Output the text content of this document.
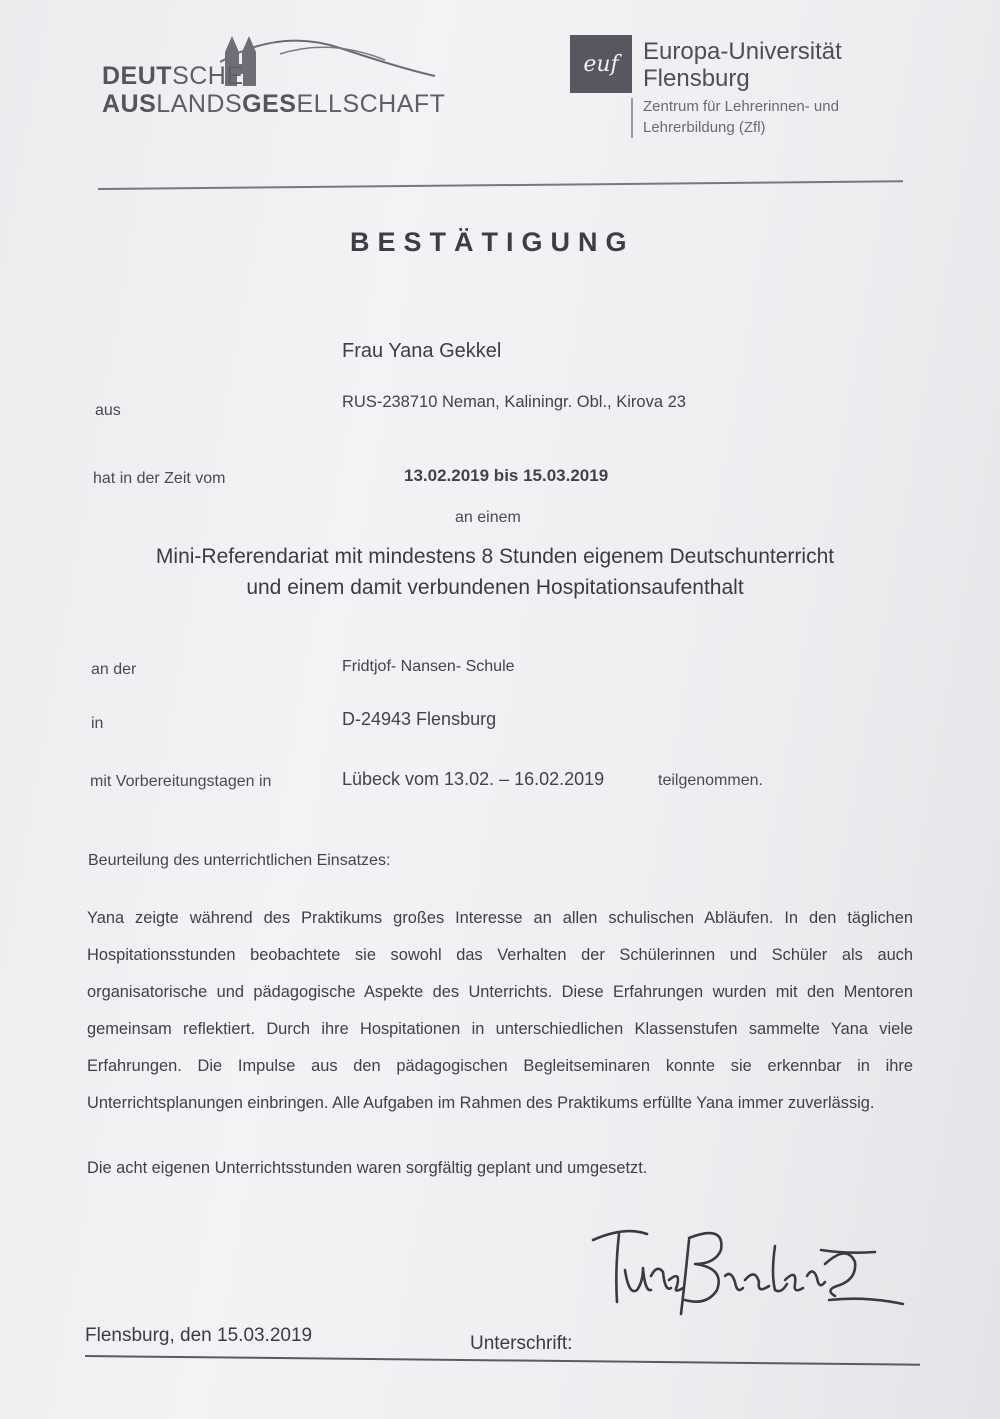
DEUTSCHE
AUSLANDSGESELLSCHAFT
euf Europa-Universität
Flensburg
Zentrum für Lehrerinnen- und
Lehrerbildung (Zfl)
BESTÄTIGUNG
Frau Yana Gekkel
aus	RUS-238710 Neman, Kaliningr. Obl., Kirova 23
hat in der Zeit vom	13.02.2019 bis 15.03.2019
an einem
Mini-Referendariat mit mindestens 8 Stunden eigenem Deutschunterricht
und einem damit verbundenen Hospitationsaufenthalt
an der	Fridtjof- Nansen- Schule
in	D-24943 Flensburg
mit Vorbereitungstagen in	Lübeck vom 13.02. – 16.02.2019	teilgenommen.
Beurteilung des unterrichtlichen Einsatzes:
Yana zeigte während des Praktikums großes Interesse an allen schulischen Abläufen. In den täglichen Hospitationsstunden beobachtete sie sowohl das Verhalten der Schülerinnen und Schüler als auch organisatorische und pädagogische Aspekte des Unterrichts. Diese Erfahrungen wurden mit den Mentoren gemeinsam reflektiert. Durch ihre Hospitationen in unterschiedlichen Klassenstufen sammelte Yana viele Erfahrungen. Die Impulse aus den pädagogischen Begleitseminaren konnte sie erkennbar in ihre Unterrichtsplanungen einbringen. Alle Aufgaben im Rahmen des Praktikums erfüllte Yana immer zuverlässig.
Die acht eigenen Unterrichtsstunden waren sorgfältig geplant und umgesetzt.
Flensburg, den 15.03.2019	Unterschrift:
